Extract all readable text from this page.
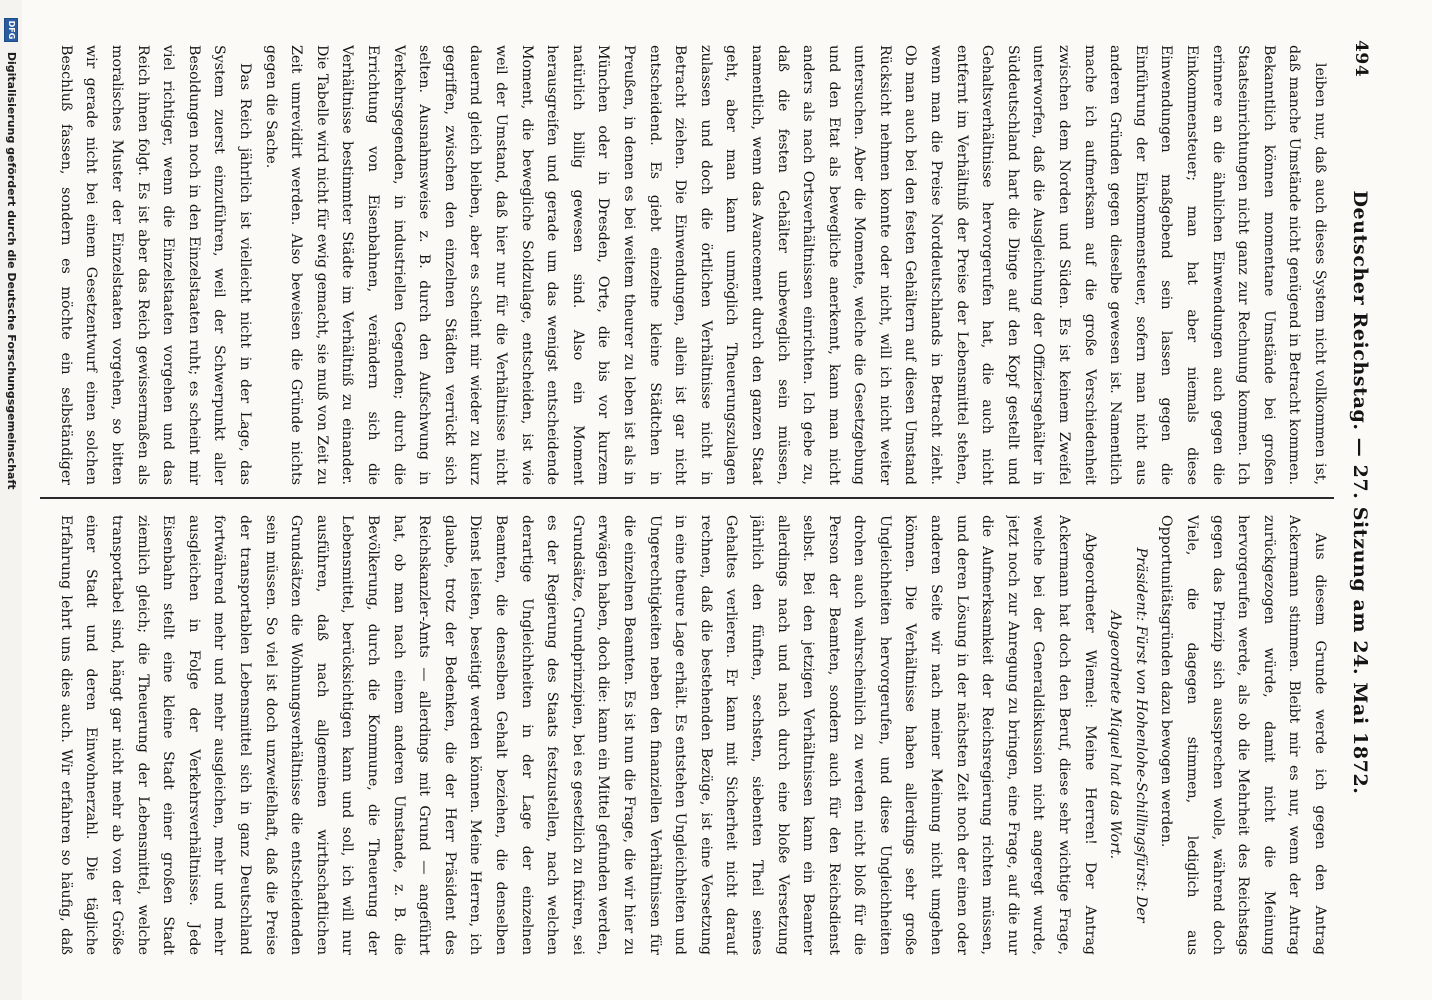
494
Deutscher Reichstag. — 27. Sitzung am 24. Mai 1872.

leiben nur, daß auch dieses System nicht vollkommen ist, daß manche Umstände nicht genügend in Betracht kommen. Bekanntlich können momentane Umstände bei großen Staatseinrichtungen nicht ganz zur Rechnung kommen. Ich erinnere an die ähnlichen Einwendungen auch gegen die Einkommensteuer; man hat aber niemals diese Einwendungen maßgebend sein lassen gegen die Einführung der Einkommensteuer, sofern man nicht aus anderen Gründen gegen dieselbe gewesen ist. Namentlich mache ich aufmerksam auf die große Verschiedenheit zwischen dem Norden und Süden. Es ist keinem Zweifel unterworfen, daß die Ausgleichung der Offiziersgehälter in Süddeutschland hart die Dinge auf den Kopf gestellt und Gehaltsverhältnisse hervorgerufen hat, die auch nicht entfernt im Verhältniß der Preise der Lebensmittel stehen, wenn man die Preise Norddeutschlands in Betracht zieht. Ob man auch bei den festen Gehältern auf diesen Umstand Rücksicht nehmen konnte oder nicht, will ich nicht weiter untersuchen. Aber die Momente, welche die Gesetzgebung und den Etat als bewegliche anerkennt, kann man nicht anders als nach Ortsverhältnissen einrichten. Ich gebe zu, daß die festen Gehälter unbeweglich sein müssen, namentlich, wenn das Avancement durch den ganzen Staat geht, aber man kann unmöglich Theuerungszulagen zulassen und doch die örtlichen Verhältnisse nicht in Betracht ziehen. Die Einwendungen, allein ist gar nicht entscheidend. Es giebt einzelne kleine Städtchen in Preußen, in denen es bei weitem theurer zu leben ist als in München oder in Dresden, Orte, die bis vor kurzem natürlich billig gewesen sind. Also ein Moment herausgreifen und gerade um das wenigst entscheidende Moment, die bewegliche Soldzulage, entscheiden, ist wie weil der Umstand, daß hier nur für die Verhältnisse nicht dauernd gleich bleiben, aber es scheint mir wieder zu kurz gegriffen, zwischen den einzelnen Städten verrückt sich selten. Ausnahmsweise z. B. durch den Aufschwung in Verkehrsgegenden, in industriellen Gegenden; durch die Errichtung von Eisenbahnen, verändern sich die Verhältnisse bestimmter Städte im Verhältniß zu einander. Die Tabelle wird nicht für ewig gemacht, sie muß von Zeit zu Zeit umrevidirt werden. Also beweisen die Gründe nichts gegen die Sache.

Das Reich jährlich ist vielleicht nicht in der Lage, das System zuerst einzuführen, weil der Schwerpunkt aller Besoldungen noch in den Einzelstaaten ruht; es scheint mir viel richtiger, wenn die Einzelstaaten vorgehen und das Reich ihnen folgt. Es ist aber das Reich gewissermaßen als moralisches Muster der Einzelstaaten vorgehen, so bitten wir gerade nicht bei einem Gesetzentwurf einen solchen Beschluß fassen, sondern es möchte ein selbständiger

Aus diesem Grunde werde ich gegen den Antrag Ackermann stimmen. Bleibt mir es nur, wenn der Antrag zurückgezogen würde, damit nicht die Meinung hervorgerufen werde, als ob die Mehrheit des Reichstags gegen das Prinzip sich aussprechen wolle, während doch Viele, die dagegen stimmen, lediglich aus Opportunitätsgründen dazu bewogen werden.

Präsident: Fürst von Hohenlohe-Schillingsfürst: Der Abgeordnete Miquel hat das Wort.

Abgeordneter Wiemel: Meine Herren! Der Antrag Ackermann hat doch den Beruf, diese sehr wichtige Frage, welche bei der Generaldiskussion nicht angeregt wurde, jetzt noch zur Anregung zu bringen, eine Frage, auf die nur die Aufmerksamkeit der Reichsregierung richten müssen, und deren Lösung in der nächsten Zeit noch der einen oder anderen Seite wir nach meiner Meinung nicht umgehen können. Die Verhältnisse haben allerdings sehr große Ungleichheiten hervorgerufen, und diese Ungleichheiten drohen auch wahrscheinlich zu werden nicht bloß für die Person der Beamten, sondern auch für den Reichsdienst selbst. Bei den jetzigen Verhältnissen kann ein Beamter allerdings nach und nach durch eine bloße Versetzung jährlich den fünften, sechsten, siebenten Theil seines Gehaltes verlieren. Er kann mit Sicherheit nicht darauf rechnen, daß die bestehenden Bezüge, ist eine Versetzung in eine theure Lage erhält. Es entstehen Ungleichheiten und Ungerechtigkeiten neben den finanziellen Verhältnissen für die einzelnen Beamten. Es ist nun die Frage, die wir hier zu erwägen haben, doch die: kann ein Mittel gefunden werden, Grundsätze, Grundprinzipien, bei es gesetzlich zu fixiren, sei es der Regierung des Staats festzustellen, nach welchen derartige Ungleichheiten in der Lage der einzelnen Beamten, die denselben Gehalt beziehen, die denselben Dienst leisten, beseitigt werden können. Meine Herren, ich glaube, trotz der Bedenken, die der Herr Präsident des Reichskanzler-Amts — allerdings mit Grund — angeführt hat, ob man nach einem anderen Umstande, z. B. die Bevölkerung, durch die Kommune, die Theuerung der Lebensmittel, berücksichtigen kann und soll, ich will nur ausführen, daß nach allgemeinen wirthschaftlichen Grundsätzen die Wohnungsverhältnisse die entscheidenden sein müssen. So viel ist doch unzweifelhaft, daß die Preise der transportablen Lebensmittel sich in ganz Deutschland fortwährend mehr und mehr ausgleichen, mehr und mehr ausgleichen in Folge der Verkehrsverhältnisse. Jede Eisenbahn stellt eine kleine Stadt einer großen Stadt ziemlich gleich; die Theuerung der Lebensmittel, welche transportabel sind, hängt gar nicht mehr ab von der Größe einer Stadt und deren Einwohnerzahl. Die tägliche Erfahrung lehrt uns dies auch. Wir erfahren so häufig, daß

DFG Digitalisierung gefördert durch die Deutsche Forschungsgemeinschaft
